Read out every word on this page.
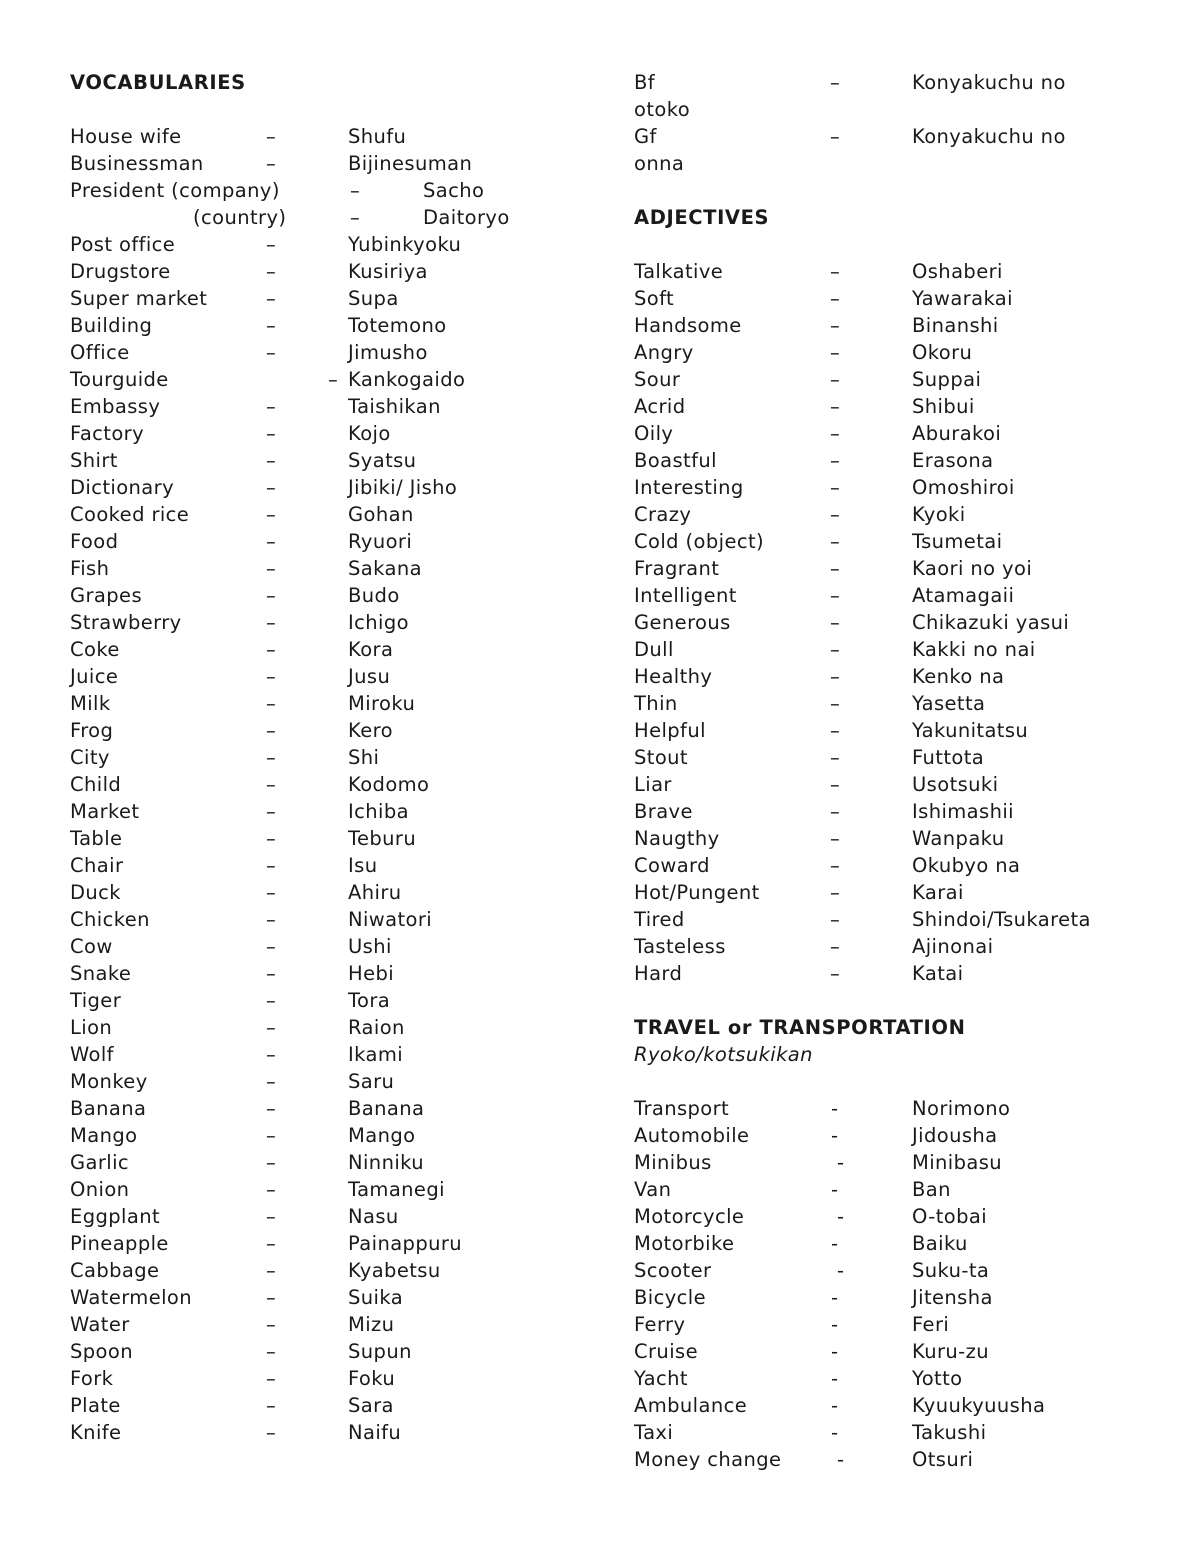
VOCABULARIES
House wife	–	Shufu
Businessman	–	Bijinesuman
President (company)	–	Sacho
(country)	–	Daitoryo
Post office	–	Yubinkyoku
Drugstore	–	Kusiriya
Super market	–	Supa
Building	–	Totemono
Office	–	Jimusho
Tourguide	– Kankogaido
Embassy	–	Taishikan
Factory	–	Kojo
Shirt	–	Syatsu
Dictionary	–	Jibiki/ Jisho
Cooked rice	–	Gohan
Food	–	Ryuori
Fish	–	Sakana
Grapes	–	Budo
Strawberry	–	Ichigo
Coke	–	Kora
Juice	–	Jusu
Milk	–	Miroku
Frog	–	Kero
City	–	Shi
Child	–	Kodomo
Market	–	Ichiba
Table	–	Teburu
Chair	–	Isu
Duck	–	Ahiru
Chicken	–	Niwatori
Cow	–	Ushi
Snake	–	Hebi
Tiger	–	Tora
Lion	–	Raion
Wolf	–	Ikami
Monkey	–	Saru
Banana	–	Banana
Mango	–	Mango
Garlic	–	Ninniku
Onion	–	Tamanegi
Eggplant	–	Nasu
Pineapple	–	Painappuru
Cabbage	–	Kyabetsu
Watermelon	–	Suika
Water	–	Mizu
Spoon	–	Supun
Fork	–	Foku
Plate	–	Sara
Knife	–	Naifu
Bf	–	Konyakuchu no
otoko
Gf	–	Konyakuchu no
onna
ADJECTIVES
Talkative	–	Oshaberi
Soft	–	Yawarakai
Handsome	–	Binanshi
Angry	–	Okoru
Sour	–	Suppai
Acrid	–	Shibui
Oily	–	Aburakoi
Boastful	–	Erasona
Interesting	–	Omoshiroi
Crazy	–	Kyoki
Cold (object)	–	Tsumetai
Fragrant	–	Kaori no yoi
Intelligent	–	Atamagaii
Generous	–	Chikazuki yasui
Dull	–	Kakki no nai
Healthy	–	Kenko na
Thin	–	Yasetta
Helpful	–	Yakunitatsu
Stout	–	Futtota
Liar	–	Usotsuki
Brave	–	Ishimashii
Naugthy	–	Wanpaku
Coward	–	Okubyo na
Hot/Pungent	–	Karai
Tired	–	Shindoi/Tsukareta
Tasteless	–	Ajinonai
Hard	–	Katai
TRAVEL or TRANSPORTATION
Ryoko/kotsukikan
Transport	-	Norimono
Automobile	-	Jidousha
Minibus	-	Minibasu
Van	-	Ban
Motorcycle	-	O-tobai
Motorbike	-	Baiku
Scooter	-	Suku-ta
Bicycle	-	Jitensha
Ferry	-	Feri
Cruise	-	Kuru-zu
Yacht	-	Yotto
Ambulance	-	Kyuukyuusha
Taxi	-	Takushi
Money change	-	Otsuri
